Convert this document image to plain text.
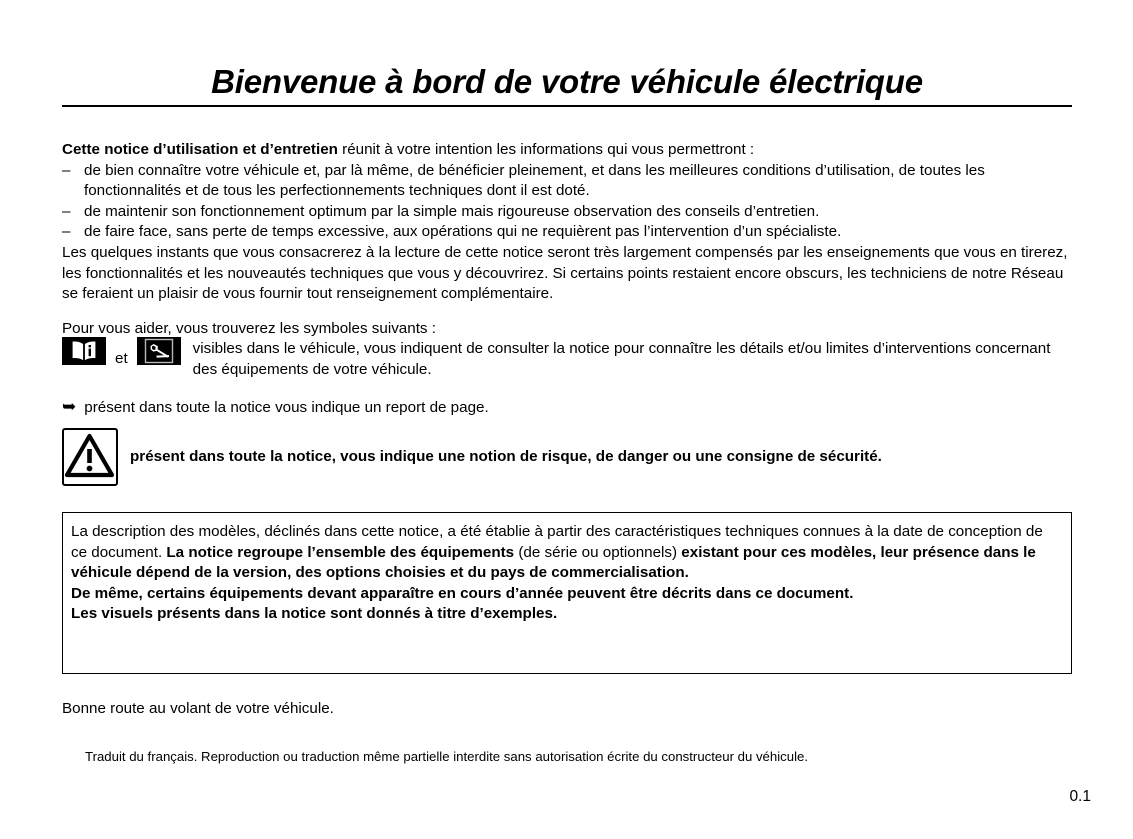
Bienvenue à bord de votre véhicule électrique

Cette notice d’utilisation et d’entretien réunit à votre intention les informations qui vous permettront :

– de bien connaître votre véhicule et, par là même, de bénéficier pleinement, et dans les meilleures conditions d’utilisation, de toutes les fonctionnalités et de tous les perfectionnements techniques dont il est doté.
– de maintenir son fonctionnement optimum par la simple mais rigoureuse observation des conseils d’entretien.
– de faire face, sans perte de temps excessive, aux opérations qui ne requièrent pas l’intervention d’un spécialiste.

Les quelques instants que vous consacrerez à la lecture de cette notice seront très largement compensés par les enseignements que vous en tirerez, les fonctionnalités et les nouveautés techniques que vous y découvrirez. Si certains points restaient encore obscurs, les techniciens de notre Réseau se feraient un plaisir de vous fournir tout renseignement complémentaire.

Pour vous aider, vous trouverez les symboles suivants :

et
visibles dans le véhicule, vous indiquent de consulter la notice pour connaître les détails et/ou limites d’interventions concernant des équipements de votre véhicule.
➥ présent dans toute la notice vous indique un report de page.
présent dans toute la notice, vous indique une notion de risque, de danger ou une consigne de sécurité.

La description des modèles, déclinés dans cette notice, a été établie à partir des caractéristiques techniques connues à la date de conception de ce document. La notice regroupe l’ensemble des équipements (de série ou optionnels) existant pour ces modèles, leur présence dans le véhicule dépend de la version, des options choisies et du pays de commercialisation.

De même, certains équipements devant apparaître en cours d’année peuvent être décrits dans ce document.

Les visuels présents dans la notice sont donnés à titre d’exemples.

Bonne route au volant de votre véhicule.
Traduit du français. Reproduction ou traduction même partielle interdite sans autorisation écrite du constructeur du véhicule.
0.1
